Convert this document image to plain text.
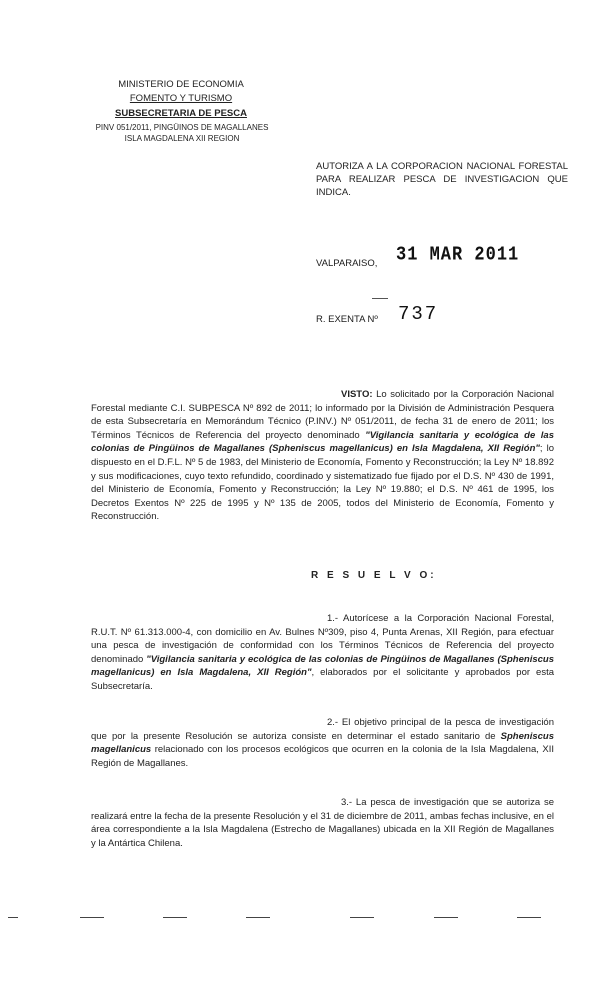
MINISTERIO DE ECONOMIA
FOMENTO Y TURISMO
SUBSECRETARIA DE PESCA
PINV 051/2011, PINGÜINOS DE MAGALLANES
ISLA MAGDALENA XII REGION
AUTORIZA A LA CORPORACION NACIONAL FORESTAL PARA REALIZAR PESCA DE INVESTIGACION QUE INDICA.
VALPARAISO, 31 MAR 2011
R. EXENTA Nº 737
VISTO: Lo solicitado por la Corporación Nacional Forestal mediante C.I. SUBPESCA Nº 892 de 2011; lo informado por la División de Administración Pesquera de esta Subsecretaría en Memorándum Técnico (P.INV.) Nº 051/2011, de fecha 31 de enero de 2011; los Términos Técnicos de Referencia del proyecto denominado "Vigilancia sanitaria y ecológica de las colonias de Pingüinos de Magallanes (Spheniscus magellanicus) en Isla Magdalena, XII Región"; lo dispuesto en el D.F.L. Nº 5 de 1983, del Ministerio de Economía, Fomento y Reconstrucción; la Ley Nº 18.892 y sus modificaciones, cuyo texto refundido, coordinado y sistematizado fue fijado por el D.S. Nº 430 de 1991, del Ministerio de Economía, Fomento y Reconstrucción; la Ley Nº 19.880; el D.S. Nº 461 de 1995, los Decretos Exentos Nº 225 de 1995 y Nº 135 de 2005, todos del Ministerio de Economía, Fomento y Reconstrucción.
R E S U E L V O:
1.- Autorícese a la Corporación Nacional Forestal, R.U.T. Nº 61.313.000-4, con domicilio en Av. Bulnes Nº309, piso 4, Punta Arenas, XII Región, para efectuar una pesca de investigación de conformidad con los Términos Técnicos de Referencia del proyecto denominado "Vigilancia sanitaria y ecológica de las colonias de Pingüinos de Magallanes (Spheniscus magellanicus) en Isla Magdalena, XII Región", elaborados por el solicitante y aprobados por esta Subsecretaría.
2.- El objetivo principal de la pesca de investigación que por la presente Resolución se autoriza consiste en determinar el estado sanitario de Spheniscus magellanicus relacionado con los procesos ecológicos que ocurren en la colonia de la Isla Magdalena, XII Región de Magallanes.
3.- La pesca de investigación que se autoriza se realizará entre la fecha de la presente Resolución y el 31 de diciembre de 2011, ambas fechas inclusive, en el área correspondiente a la Isla Magdalena (Estrecho de Magallanes) ubicada en la XII Región de Magallanes y la Antártica Chilena.
